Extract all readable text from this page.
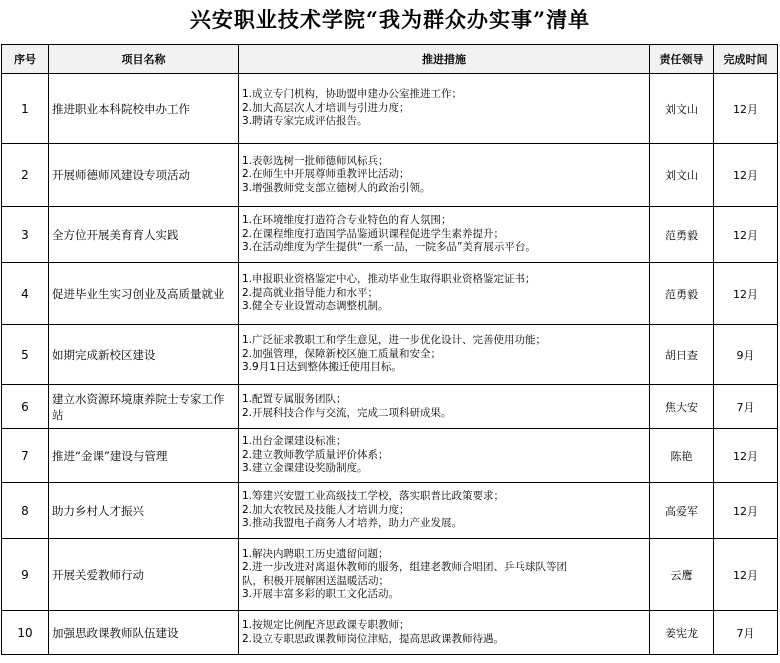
兴安职业技术学院“我为群众办实事”清单
序号	项目名称	推进措施	责任领导	完成时间
1	推进职业本科院校申办工作	1.成立专门机构，协助盟申建办公室推进工作；
2.加大高层次人才培训与引进力度；
3.聘请专家完成评估报告。	刘文山	12月
2	开展师德师风建设专项活动	1.表彰选树一批师德师风标兵；
2.在师生中开展尊师重教评比活动；
3.增强教师党支部立德树人的政治引领。	刘文山	12月
3	全方位开展美育育人实践	1.在环境维度打造符合专业特色的育人氛围；
2.在课程维度打造国学品鉴通识课程促进学生素养提升；
3.在活动维度为学生提供“一系一品，一院多品”美育展示平台。	范勇毅	12月
4	促进毕业生实习创业及高质量就业	1.申报职业资格鉴定中心，推动毕业生取得职业资格鉴定证书；
2.提高就业指导能力和水平；
3.健全专业设置动态调整机制。	范勇毅	12月
5	如期完成新校区建设	1.广泛征求教职工和学生意见，进一步优化设计、完善使用功能；
2.加强管理，保障新校区施工质量和安全；
3.9月1日达到整体搬迁使用目标。	胡日查	9月
6	建立水资源环境康养院士专家工作站	1.配置专属服务团队；
2.开展科技合作与交流，完成二项科研成果。	焦大安	7月
7	推进“金课”建设与管理	1.出台金课建设标准；
2.建立教师教学质量评价体系；
3.建立金课建设奖励制度。	陈艳	12月
8	助力乡村人才振兴	1.筹建兴安盟工业高级技工学校，落实职普比政策要求；
2.加大农牧民及技能人才培训力度；
3.推动我盟电子商务人才培养，助力产业发展。	高爱军	12月
9	开展关爱教师行动	1.解决内聘职工历史遗留问题；
2.进一步改进对离退休教师的服务，组建老教师合唱团、乒乓球队等团
队，积极开展解困送温暖活动；
3.开展丰富多彩的职工文化活动。	云鹰	12月
10	加强思政课教师队伍建设	1.按规定比例配齐思政课专职教师；
2.设立专职思政课教师岗位津贴，提高思政课教师待遇。	姜宪龙	7月
